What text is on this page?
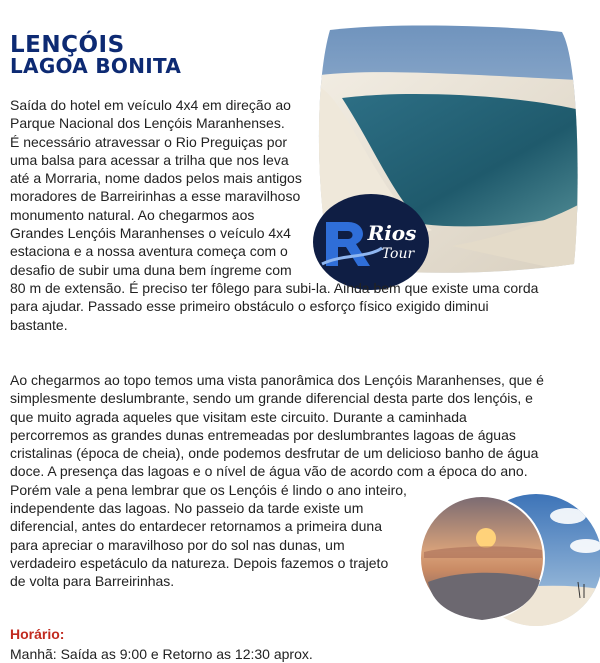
LENÇÓIS
LAGOA BONITA
Rios
Tour

Saída do hotel em veículo 4x4 em direção ao
Parque Nacional dos Lençóis Maranhenses.
É necessário atravessar o Rio Preguiças por
uma balsa para acessar a trilha que nos leva
até a Morraria, nome dados pelos mais antigos
moradores de Barreirinhas a esse maravilhoso
monumento natural. Ao chegarmos aos
Grandes Lençóis Maranhenses o veículo 4x4
estaciona e a nossa aventura começa com o
desafio de subir uma duna bem íngreme com
80 m de extensão. É preciso ter fôlego para subi-la. Ainda bem que existe uma corda
para ajudar. Passado esse primeiro obstáculo o esforço físico exigido diminui
bastante.

Ao chegarmos ao topo temos uma vista panorâmica dos Lençóis Maranhenses, que é
simplesmente deslumbrante, sendo um grande diferencial desta parte dos lençóis, e
que muito agrada aqueles que visitam este circuito. Durante a caminhada
percorremos as grandes dunas entremeadas por deslumbrantes lagoas de águas
cristalinas (época de cheia), onde podemos desfrutar de um delicioso banho de água
doce. A presença das lagoas e o nível de água vão de acordo com a época do ano.
Porém vale a pena lembrar que os Lençóis é lindo o ano inteiro,
independente das lagoas. No passeio da tarde existe um
diferencial, antes do entardecer retornamos a primeira duna
para apreciar o maravilhoso por do sol nas dunas, um
verdadeiro espetáculo da natureza. Depois fazemos o trajeto
de volta para Barreirinhas.

Horário:

Manhã: Saída as 9:00 e Retorno as 12:30 aprox.
